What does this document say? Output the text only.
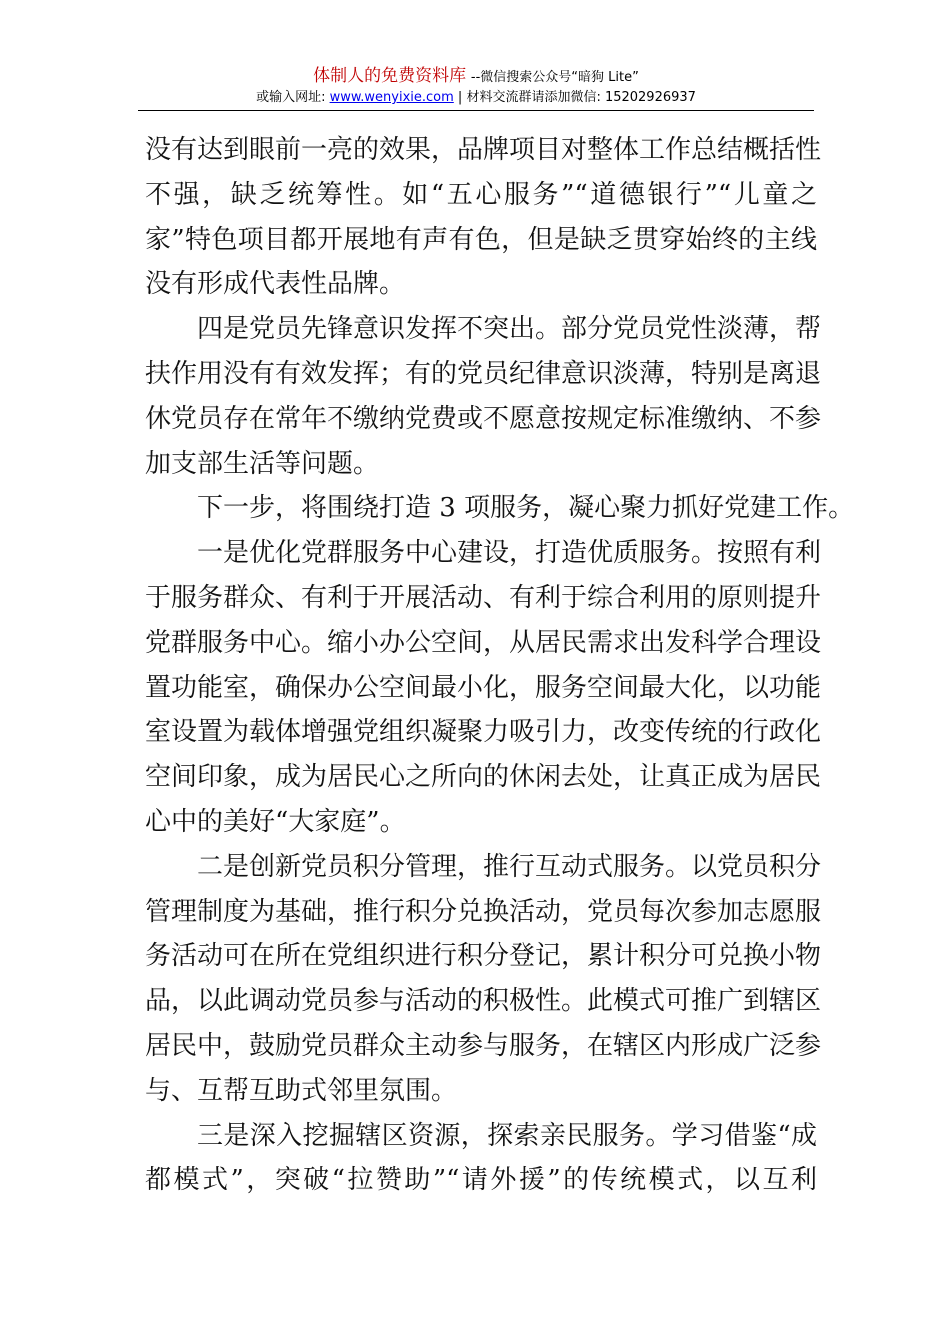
体制人的免费资料库 --微信搜索公众号“暗狗 Lite”
或输入网址: www.wenyixie.com | 材料交流群请添加微信: 15202926937
没有达到眼前一亮的效果，品牌项目对整体工作总结概括性
不强，缺乏统筹性。如“五心服务”“道德银行”“儿童之
家”特色项目都开展地有声有色，但是缺乏贯穿始终的主线
没有形成代表性品牌。
四是党员先锋意识发挥不突出。部分党员党性淡薄，帮
扶作用没有有效发挥；有的党员纪律意识淡薄，特别是离退
休党员存在常年不缴纳党费或不愿意按规定标准缴纳、不参
加支部生活等问题。
下一步，将围绕打造 3 项服务，凝心聚力抓好党建工作。
一是优化党群服务中心建设，打造优质服务。按照有利
于服务群众、有利于开展活动、有利于综合利用的原则提升
党群服务中心。缩小办公空间，从居民需求出发科学合理设
置功能室，确保办公空间最小化，服务空间最大化，以功能
室设置为载体增强党组织凝聚力吸引力，改变传统的行政化
空间印象，成为居民心之所向的休闲去处，让真正成为居民
心中的美好“大家庭”。
二是创新党员积分管理，推行互动式服务。以党员积分
管理制度为基础，推行积分兑换活动，党员每次参加志愿服
务活动可在所在党组织进行积分登记，累计积分可兑换小物
品，以此调动党员参与活动的积极性。此模式可推广到辖区
居民中，鼓励党员群众主动参与服务，在辖区内形成广泛参
与、互帮互助式邻里氛围。
三是深入挖掘辖区资源，探索亲民服务。学习借鉴“成
都模式”，突破“拉赞助”“请外援”的传统模式，以互利
